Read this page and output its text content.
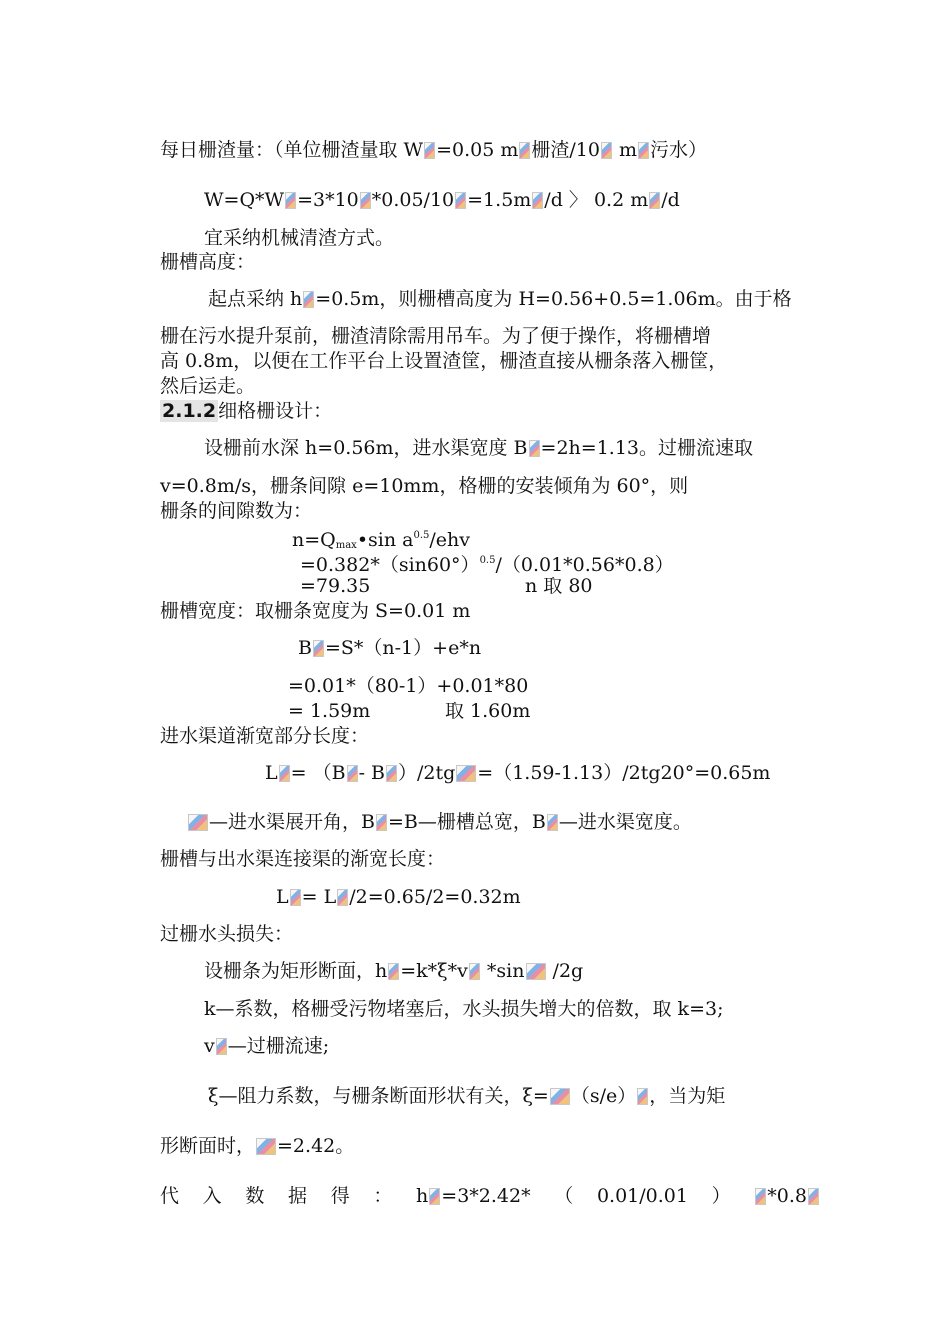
每日栅渣量：（单位栅渣量取 W =0.05 m 栅渣/10 m 污水）
W=Q*W =3*10 *0.05/10 =1.5m /d 〉 0.2 m /d
宜采纳机械清渣方式。
栅槽高度：
起点采纳 h =0.5m，则栅槽高度为 H=0.56+0.5=1.06m。由于格
栅在污水提升泵前，栅渣清除需用吊车。为了便于操作，将栅槽增
高 0.8m，以便在工作平台上设置渣筐，栅渣直接从栅条落入栅筐，
然后运走。
2.1.2 细格栅设计：
设栅前水深 h=0.56m，进水渠宽度 B =2h=1.13。过栅流速取
v=0.8m/s，栅条间隙 e=10mm，格栅的安装倾角为 60°，则
栅条的间隙数为：
$n=Q_{max}•\sin$ $a^{0.5}$/ehv
$=0.382*(\sin 60^\circ)^{0.5}/(0.01*0.56*0.8)$
=79.35	n 取 80
栅槽宽度：取栅条宽度为 S=0.01 m
B =S*（n-1）+e*n
=0.01*（80-1）+0.01*80
= 1.59m	取 1.60m
进水渠道渐宽部分长度：
L = （B - B ）/2tg =（1.59-1.13）/2tg20°=0.65m
—进水渠展开角，B =B—栅槽总宽，B —进水渠宽度。
栅槽与出水渠连接渠的渐宽长度：
L = L /2=0.65/2=0.32m
过栅水头损失：
设栅条为矩形断面，h =k*ξ*v *sin /2g
k—系数，格栅受污物堵塞后，水头损失增大的倍数，取 k=3;
v —过栅流速;
ξ—阻力系数，与栅条断面形状有关，ξ= （s/e） ，当为矩
形断面时， =2.42。
代 入 数 据 得 ： h =3*2.42* （ 0.01/0.01 ）	*0.8
